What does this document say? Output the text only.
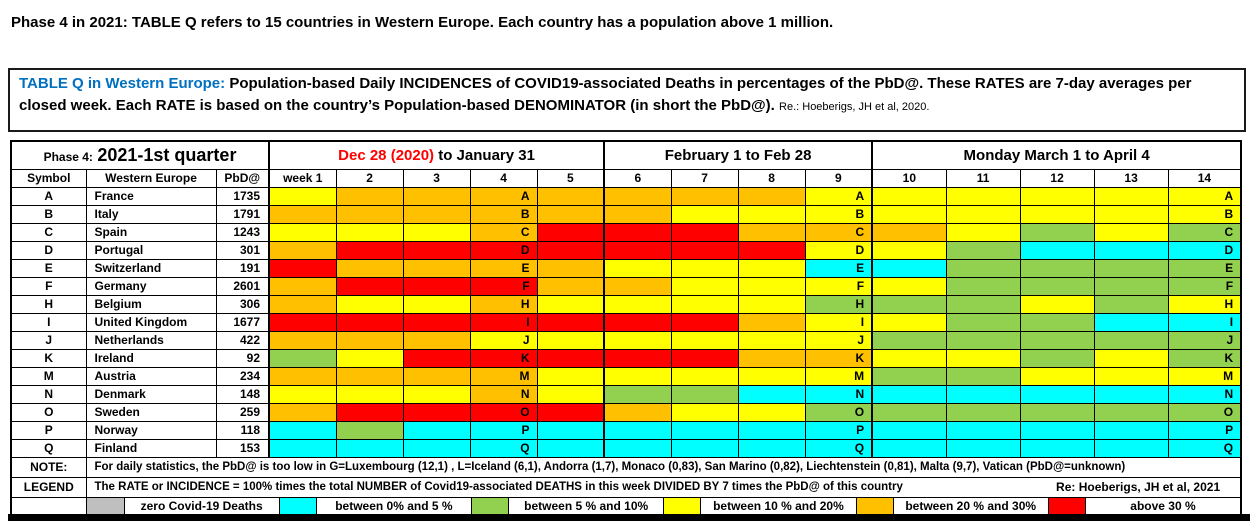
Phase 4 in 2021: TABLE Q refers to 15 countries in Western Europe. Each country has a population above 1 million.
TABLE Q in Western Europe: Population-based Daily INCIDENCES of COVID19-associated Deaths in percentages of the PbD@. These RATES are 7-day averages per closed week. Each RATE is based on the country’s Population-based DENOMINATOR (in short the PbD@). Re.: Hoeberigs, JH et al, 2020.
Phase 4: 2021-1st quarter			Dec 28 (2020) to January 31					February 1 to Feb 28				Monday March 1 to April 4				
Symbol	Western Europe	PbD@	week 1	2	3	4	5	6	7	8	9	10	11	12	13	14
A	France	1735				A					A					A
B	Italy	1791				B					B					B
C	Spain	1243				C					C					C
D	Portugal	301				D					D					D
E	Switzerland	191				E					E					E
F	Germany	2601				F					F					F
H	Belgium	306				H					H					H
I	United Kingdom	1677				I					I					I
J	Netherlands	422				J					J					J
K	Ireland	92				K					K					K
M	Austria	234				M					M					M
N	Denmark	148				N					N					N
O	Sweden	259				O					O					O
P	Norway	118				P					P					P
Q	Finland	153				Q					Q					Q
NOTE:	For daily statistics, the PbD@ is too low in G=Luxembourg (12,1) , L=Iceland (6,1), Andorra (1,7), Monaco (0,83), San Marino (0,82), Liechtenstein (0,81), Malta (9,7), Vatican (PbD@=unknown)															
LEGEND	The RATE or INCIDENCE = 100% times the total NUMBER of Covid19-associated DEATHS in this week DIVIDED BY 7 times the PbD@ of this country Re: Hoeberigs, JH et al, 2021															

zero Covid-19 Deaths	between 0% and 5 %	between 5 % and 10%	between 10 % and 20%	between 20 % and 30%	above 30 %
